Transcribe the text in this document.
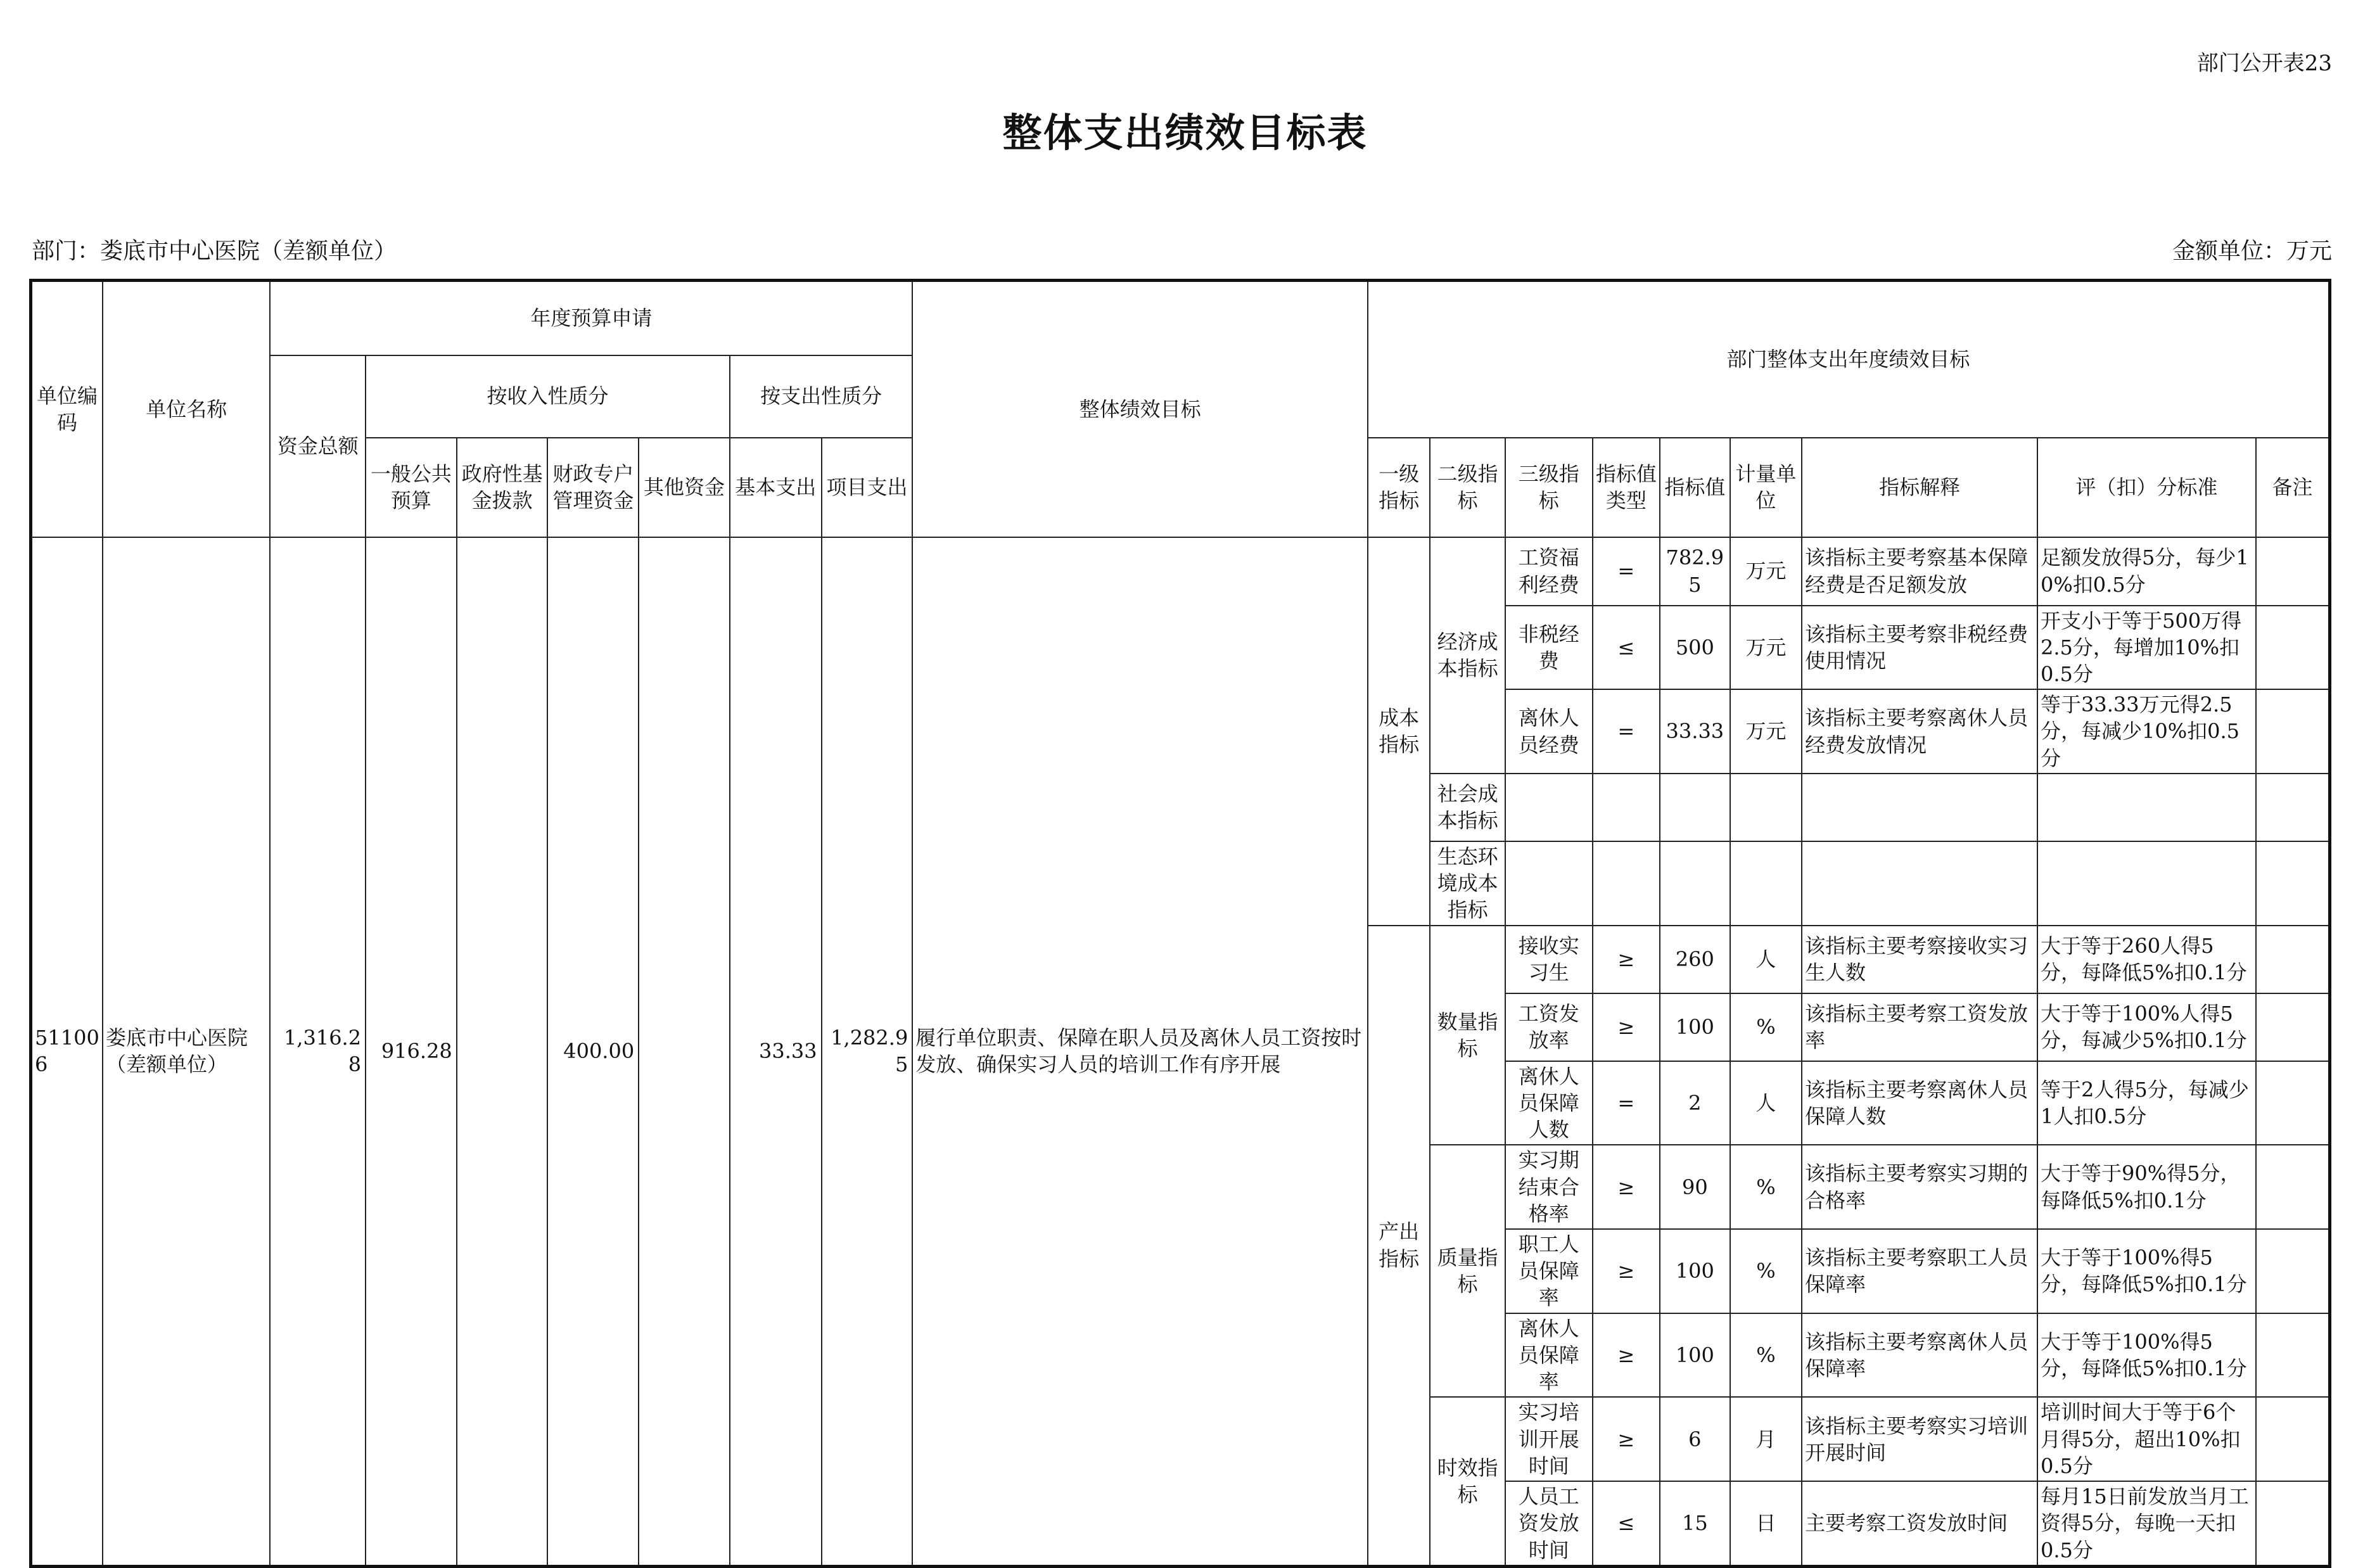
部门公开表23
整体支出绩效目标表
部门：娄底市中心医院（差额单位）	金额单位：万元
单位编码	单位名称	年度预算申请							整体绩效目标	部门整体支出年度绩效目标								
		资金总额	按收入性质分				按支出性质分											
			一般公共预算	政府性基金拨款	财政专户管理资金	其他资金	基本支出	项目支出		一级指标	二级指标	三级指标	指标值类型	指标值	计量单位	指标解释	评（扣）分标准	备注
511006	娄底市中心医院（差额单位）	1,316.28	916.28		400.00		33.33	1,282.95	履行单位职责、保障在职人员及离休人员工资按时发放、确保实习人员的培训工作有序开展	成本指标	经济成本指标	工资福利经费	=	782.95	万元	该指标主要考察基本保障经费是否足额发放	足额发放得5分，每少10%扣0.5分	
												非税经费	≤	500	万元	该指标主要考察非税经费使用情况	开支小于等于500万得2.5分，每增加10%扣0.5分	
												离休人员经费	=	33.33	万元	该指标主要考察离休人员经费发放情况	等于33.33万元得2.5分，每减少10%扣0.5分	
											社会成本指标							
											生态环境成本指标							
										产出指标	数量指标	接收实习生	≥	260	人	该指标主要考察接收实习生人数	大于等于260人得5分，每降低5%扣0.1分	
												工资发放率	≥	100	%	该指标主要考察工资发放率	大于等于100%人得5分，每减少5%扣0.1分	
												离休人员保障人数	=	2	人	该指标主要考察离休人员保障人数	等于2人得5分，每减少1人扣0.5分	
											质量指标	实习期结束合格率	≥	90	%	该指标主要考察实习期的合格率	大于等于90%得5分，每降低5%扣0.1分	
												职工人员保障率	≥	100	%	该指标主要考察职工人员保障率	大于等于100%得5分，每降低5%扣0.1分	
												离休人员保障率	≥	100	%	该指标主要考察离休人员保障率	大于等于100%得5分，每降低5%扣0.1分	
											时效指标	实习培训开展时间	≥	6	月	该指标主要考察实习培训开展时间	培训时间大于等于6个月得5分，超出10%扣0.5分	
												人员工资发放时间	≤	15	日	主要考察工资发放时间	每月15日前发放当月工资得5分，每晚一天扣0.5分	
